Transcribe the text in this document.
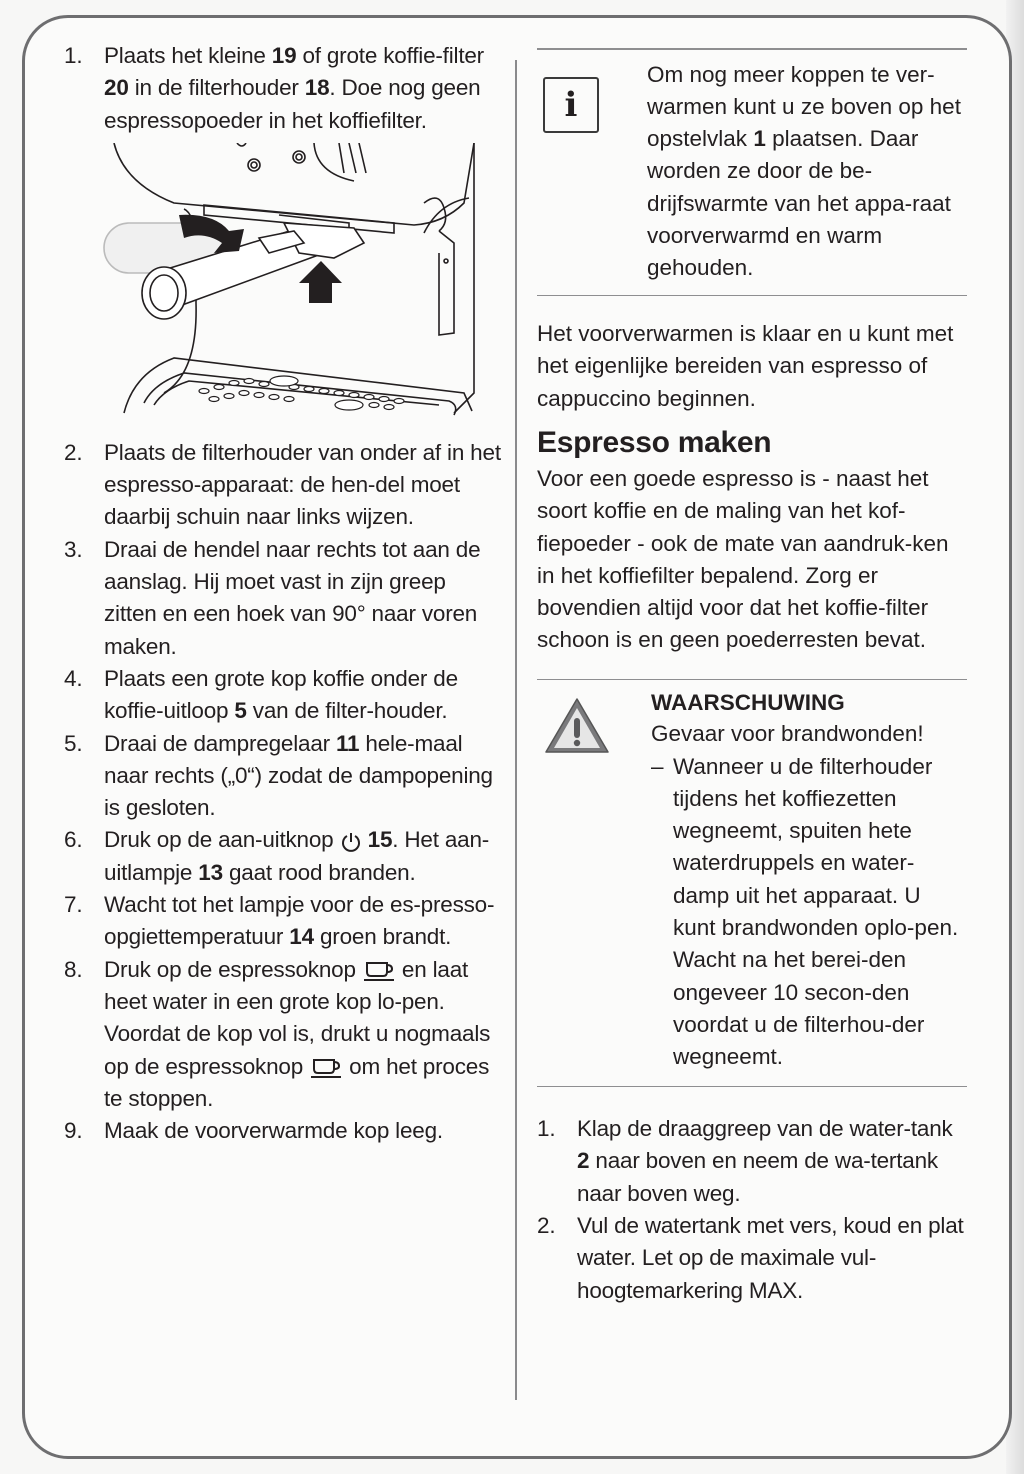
1. Plaats het kleine 19 of grote koffie-filter 20 in de filterhouder 18. Doe nog geen espressopoeder in het koffiefilter.
2. Plaats de filterhouder van onder af in het espresso-apparaat: de hen-del moet daarbij schuin naar links wijzen.
3. Draai de hendel naar rechts tot aan de aanslag. Hij moet vast in zijn greep zitten en een hoek van 90° naar voren maken.
4. Plaats een grote kop koffie onder de koffie-uitloop 5 van de filter-houder.
5. Draai de dampregelaar 11 hele-maal naar rechts („0“) zodat de dampopening is gesloten.
6. Druk op de aan-uitknop  15. Het aan-uitlampje 13 gaat rood branden.
7. Wacht tot het lampje voor de es-presso-opgiettemperatuur 14 groen brandt.
8. Druk op de espressoknop  en laat heet water in een grote kop lo-pen. Voordat de kop vol is, drukt u nogmaals op de espressoknop  om het proces te stoppen.
9. Maak de voorverwarmde kop leeg.
i
Om nog meer koppen te ver-warmen kunt u ze boven op het opstelvlak 1 plaatsen. Daar worden ze door de be-drijfswarmte van het appa-raat voorverwarmd en warm gehouden.
Het voorverwarmen is klaar en u kunt met het eigenlijke bereiden van espresso of cappuccino beginnen.
Espresso maken
Voor een goede espresso is - naast het soort koffie en de maling van het kof-fiepoeder - ook de mate van aandruk-ken in het koffiefilter bepalend. Zorg er bovendien altijd voor dat het koffie-filter schoon is en geen poederresten bevat.
WAARSCHUWING
Gevaar voor brandwonden!
– Wanneer u de filterhouder tijdens het koffiezetten wegneemt, spuiten hete waterdruppels en water-damp uit het apparaat. U kunt brandwonden oplo-pen. Wacht na het berei-den ongeveer 10 secon-den voordat u de filterhou-der wegneemt.
1. Klap de draaggreep van de water-tank 2 naar boven en neem de wa-tertank naar boven weg.
2. Vul de watertank met vers, koud en plat water. Let op de maximale vul-hoogtemarkering MAX.
